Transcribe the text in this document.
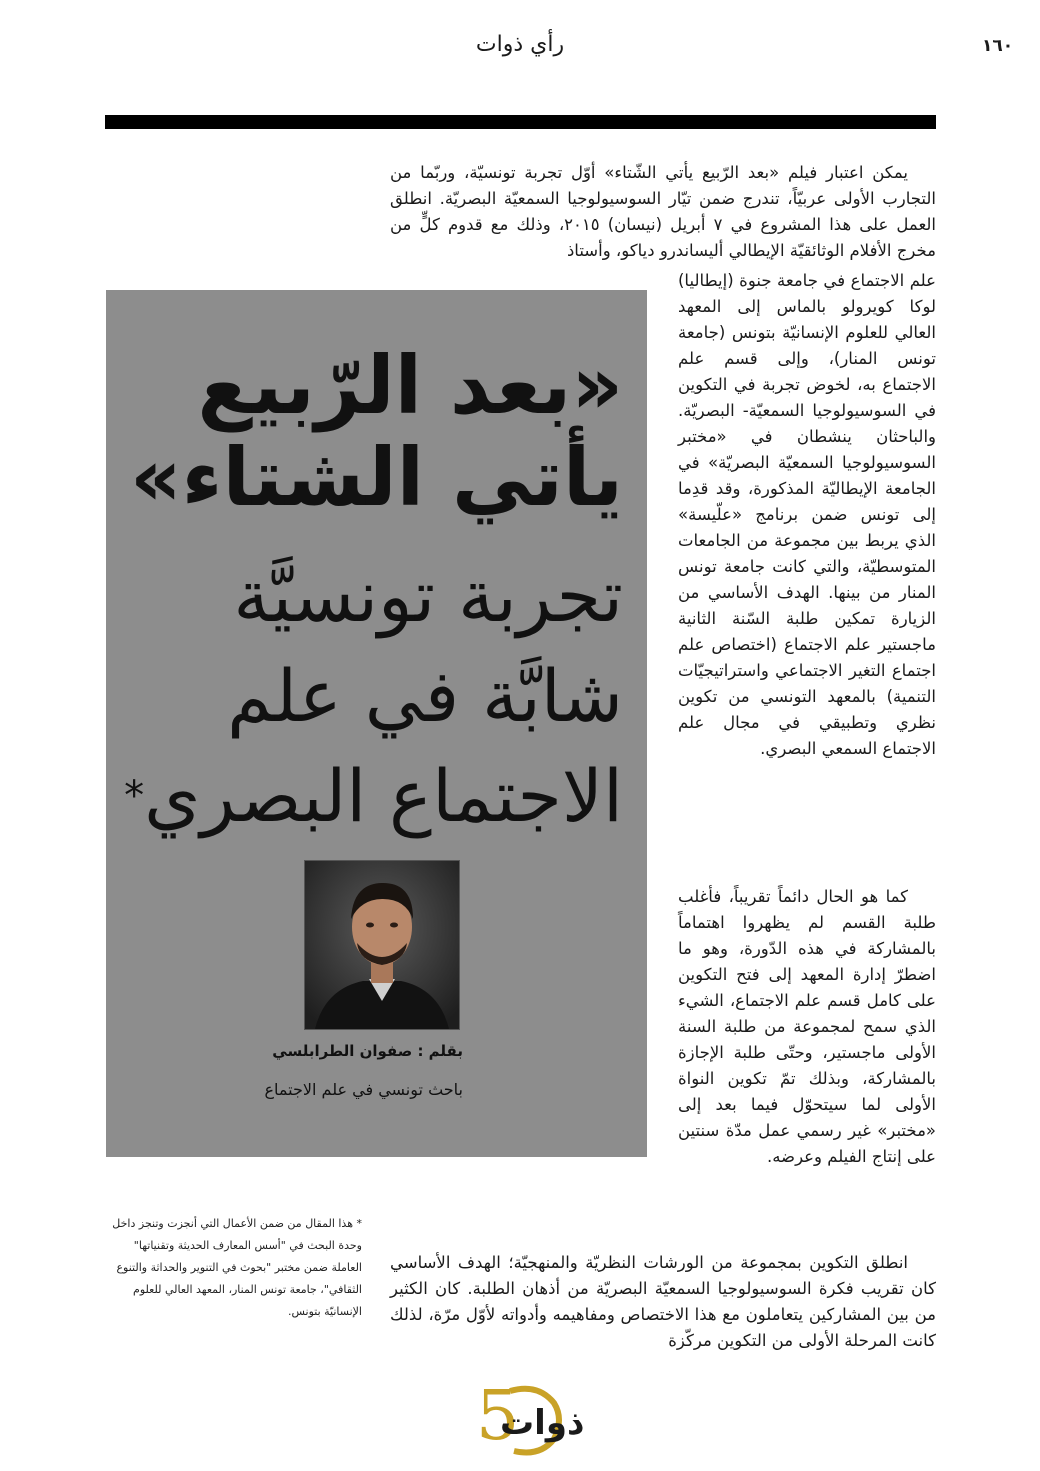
١٦٠
رأي ذوات

يمكن اعتبار فيلم «بعد الرّبيع يأتي الشّتاء» أوّل تجربة تونسيّة، وربّما من التجارب الأولى عربيّاً، تندرج ضمن تيّار السوسيولوجيا السمعيّة البصريّة. انطلق العمل على هذا المشروع في ٧ أبريل (نيسان) ٢٠١٥، وذلك مع قدوم كلٍّ من مخرج الأفلام الوثائقيّة الإيطالي أليساندرو دياكو، وأستاذ

علم الاجتماع في جامعة جنوة (إيطاليا) لوكا كويرولو بالماس إلى المعهد العالي للعلوم الإنسانيّة بتونس (جامعة تونس المنار)، وإلى قسم علم الاجتماع به، لخوض تجربة في التكوين في السوسيولوجيا السمعيّة- البصريّة. والباحثان ينشطان في «مختبر السوسيولوجيا السمعيّة البصريّة» في الجامعة الإيطاليّة المذكورة، وقد قدِما إلى تونس ضمن برنامج «علّيسة» الذي يربط بين مجموعة من الجامعات المتوسطيّة، والتي كانت جامعة تونس المنار من بينها. الهدف الأساسي من الزيارة تمكين طلبة السّنة الثانية ماجستير علم الاجتماع (اختصاص علم اجتماع التغير الاجتماعي واستراتيجيّات التنمية) بالمعهد التونسي من تكوين نظري وتطبيقي في مجال علم الاجتماع السمعي البصري.

كما هو الحال دائماً تقريباً، فأغلب طلبة القسم لم يظهروا اهتماماً بالمشاركة في هذه الدّورة، وهو ما اضطرّ إدارة المعهد إلى فتح التكوين على كامل قسم علم الاجتماع، الشيء الذي سمح لمجموعة من طلبة السنة الأولى ماجستير، وحتّى طلبة الإجازة بالمشاركة، وبذلك تمّ تكوين النواة الأولى لما سيتحوّل فيما بعد إلى «مختبر» غير رسمي عمل مدّة سنتين على إنتاج الفيلم وعرضه.

انطلق التكوين بمجموعة من الورشات النظريّة والمنهجيّة؛ الهدف الأساسي كان تقريب فكرة السوسيولوجيا السمعيّة البصريّة من أذهان الطلبة. كان الكثير من بين المشاركين يتعاملون مع هذا الاختصاص ومفاهيمه وأدواته لأوّل مرّة، لذلك كانت المرحلة الأولى من التكوين مركّزة

«بعد الرّبيع
يأتي الشتاء»
تجربة تونسيَّة
شابَّة في علم
الاجتماع البصري*
بقلم : صفوان الطرابلسي
باحث تونسي في علم الاجتماع
* هذا المقال من ضمن الأعمال التي أنجزت وتنجز داخل وحدة البحث في "أسس المعارف الحديثة وتقنياتها" العاملة ضمن مختبر "بحوث في التنوير والحداثة والتنوع الثقافي"، جامعة تونس المنار، المعهد العالي للعلوم الإنسانيّة بتونس.
5
ذوات
